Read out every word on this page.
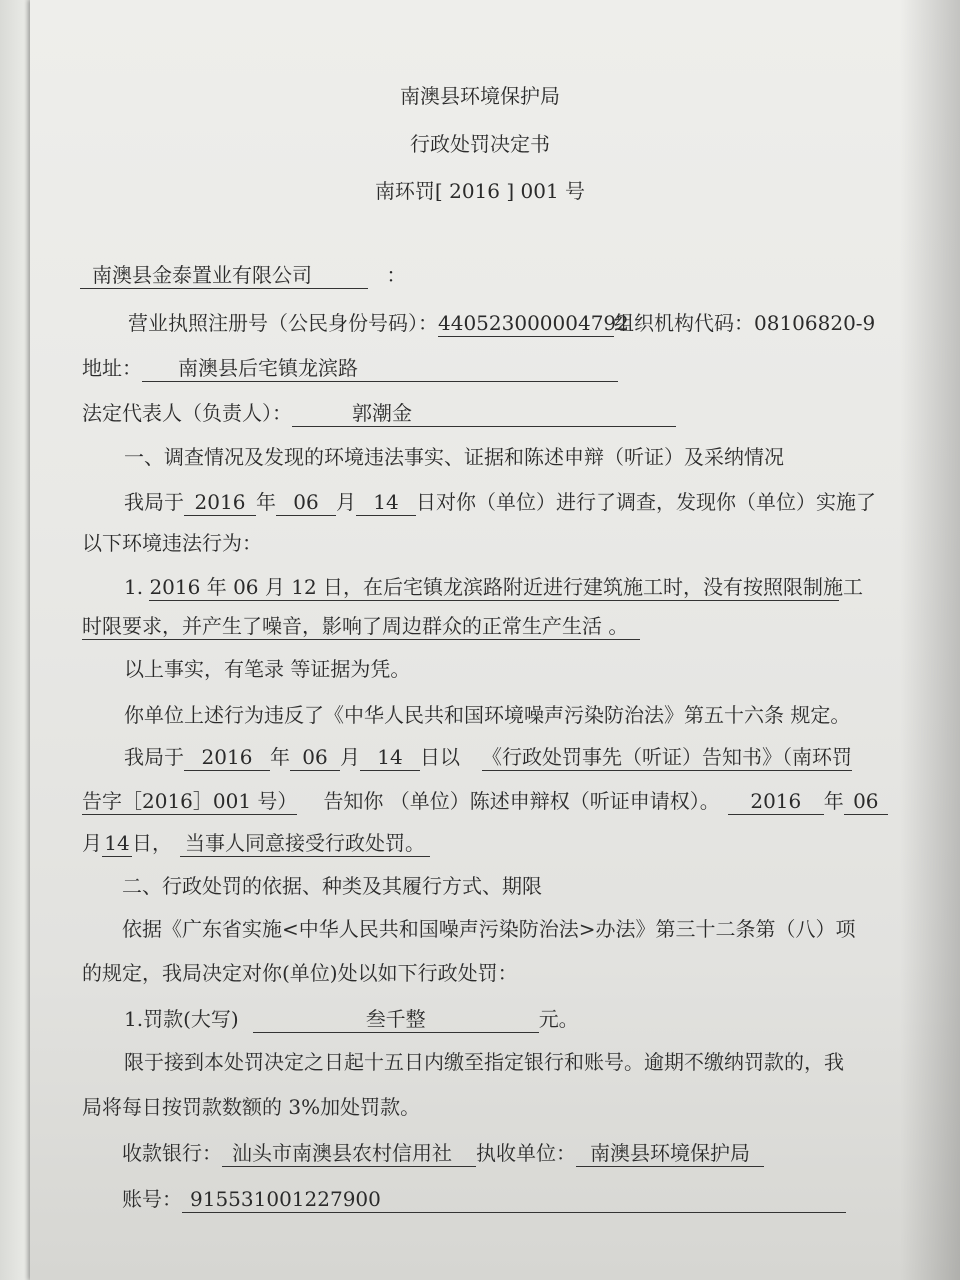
南澳县环境保护局
行政处罚决定书
南环罚[ 2016 ] 001 号
南澳县金泰置业有限公司	：
营业执照注册号（公民身份号码）：440523000004792组织机构代码：08106820-9
地址： 南澳县后宅镇龙滨路
法定代表人（负责人）：	郭潮金
一、调查情况及发现的环境违法事实、证据和陈述申辩（听证）及采纳情况
我局于 2016 年 06 月 14 日对你（单位）进行了调查，发现你（单位）实施了
以下环境违法行为：
1. 2016 年 06 月 12 日，在后宅镇龙滨路附近进行建筑施工时，没有按照限制施工
时限要求，并产生了噪音，影响了周边群众的正常生产生活 。
以上事实，有笔录 等证据为凭。
你单位上述行为违反了《中华人民共和国环境噪声污染防治法》第五十六条 规定。
我局于 2016 年 06 月 14 日以 《行政处罚事先（听证）告知书》（南环罚
告字［2016］001 号） 告知你 （单位）陈述申辩权（听证申请权）。 2016 年 06
月 14 日， 当事人同意接受行政处罚。
二、行政处罚的依据、种类及其履行方式、期限
依据《广东省实施<中华人民共和国噪声污染防治法>办法》第三十二条第（八）项
的规定，我局决定对你(单位)处以如下行政处罚：
1.罚款(大写)	叁千整	元。
限于接到本处罚决定之日起十五日内缴至指定银行和账号。逾期不缴纳罚款的，我
局将每日按罚款数额的 3%加处罚款。
收款银行： 汕头市南澳县农村信用社 执收单位： 南澳县环境保护局
账号： 915531001227900
